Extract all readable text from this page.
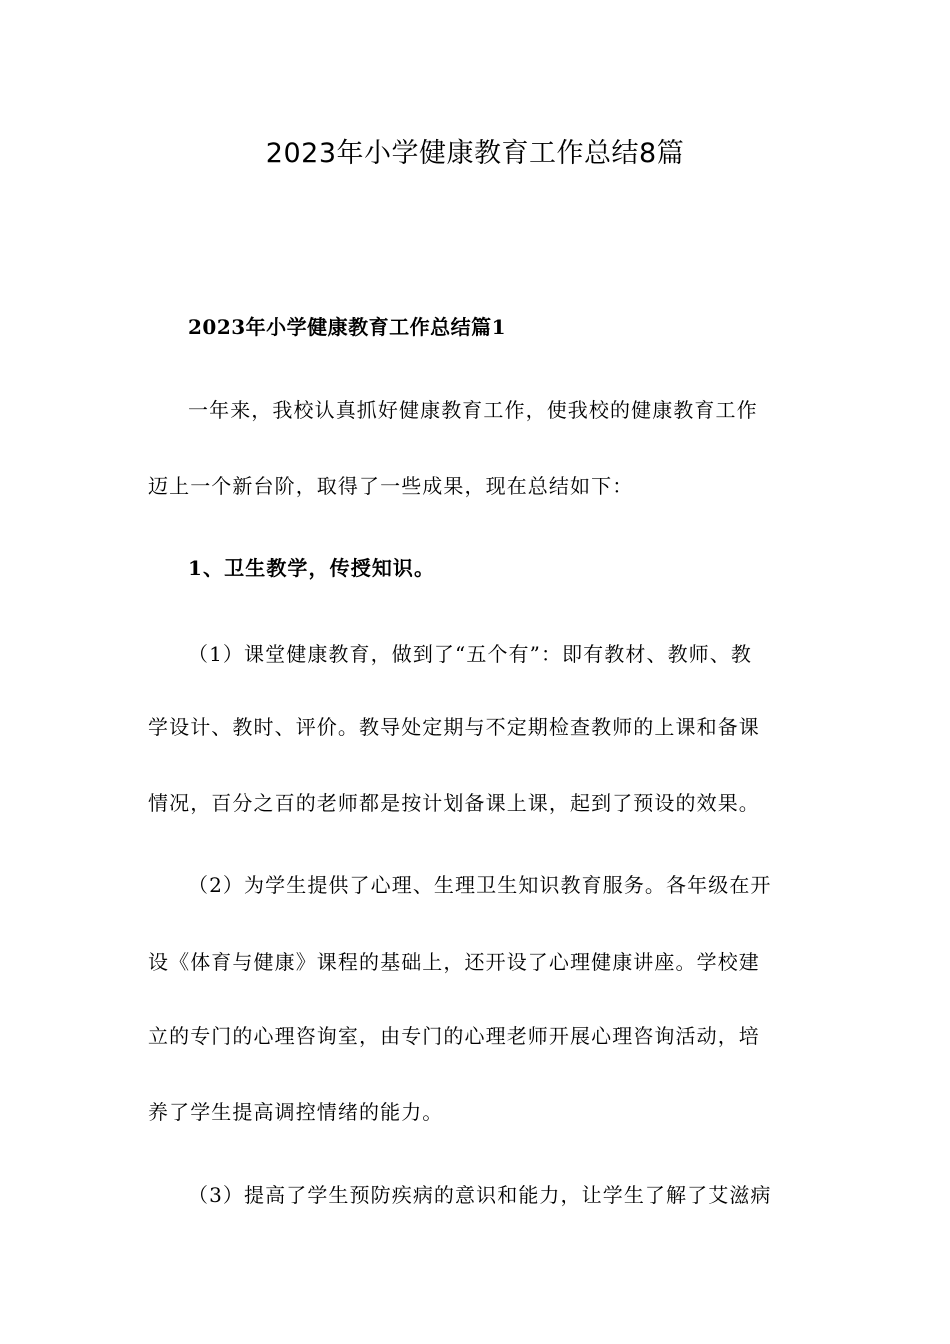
2023年小学健康教育工作总结8篇
2023年小学健康教育工作总结篇1
一年来，我校认真抓好健康教育工作，使我校的健康教育工作
迈上一个新台阶，取得了一些成果，现在总结如下：
1、卫生教学，传授知识。
（1）课堂健康教育，做到了“五个有”：即有教材、教师、教
学设计、教时、评价。教导处定期与不定期检查教师的上课和备课
情况，百分之百的老师都是按计划备课上课，起到了预设的效果。
（2）为学生提供了心理、生理卫生知识教育服务。各年级在开
设《体育与健康》课程的基础上，还开设了心理健康讲座。学校建
立的专门的心理咨询室，由专门的心理老师开展心理咨询活动，培
养了学生提高调控情绪的能力。
（3）提高了学生预防疾病的意识和能力，让学生了解了艾滋病
